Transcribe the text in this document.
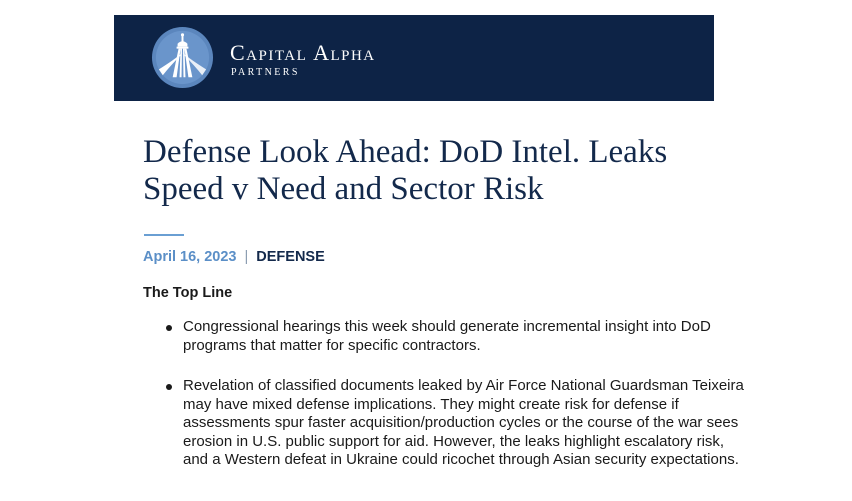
Capital Alpha
PARTNERS
Defense Look Ahead: DoD Intel. Leaks Speed v Need and Sector Risk
April 16, 2023 | DEFENSE
The Top Line
Congressional hearings this week should generate incremental insight into DoD programs that matter for specific contractors.
Revelation of classified documents leaked by Air Force National Guardsman Teixeira may have mixed defense implications. They might create risk for defense if assessments spur faster acquisition/production cycles or the course of the war sees erosion in U.S. public support for aid. However, the leaks highlight escalatory risk, and a Western defeat in Ukraine could ricochet through Asian security expectations.
